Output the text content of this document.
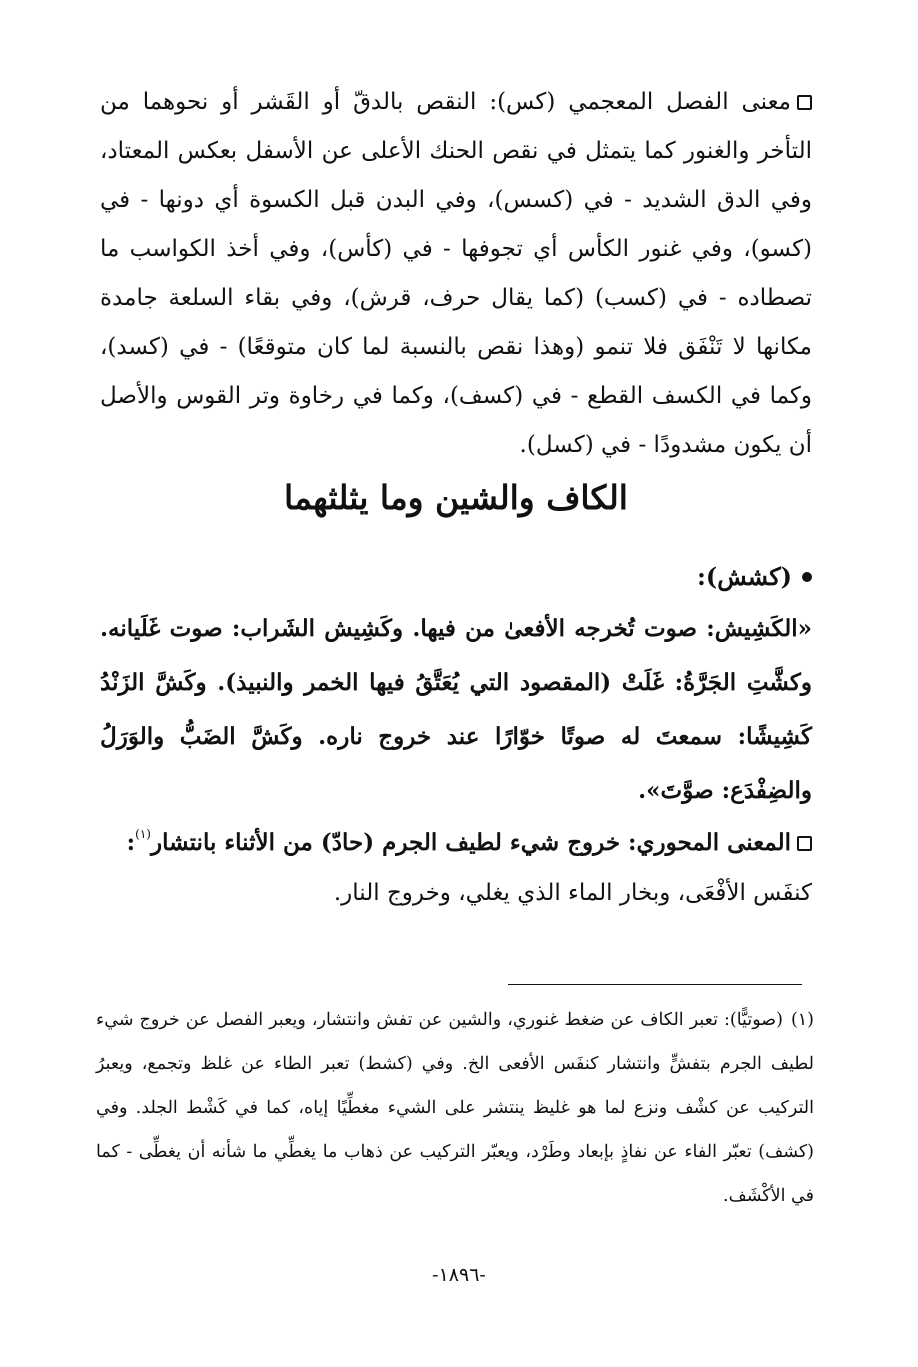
معنى الفصل المعجمي (كس): النقص بالدقّ أو القَشر أو نحوهما من التأخر والغنور كما يتمثل في نقص الحنك الأعلى عن الأسفل بعكس المعتاد، وفي الدق الشديد - في (كسس)، وفي البدن قبل الكسوة أي دونها - في (كسو)، وفي غنور الكأس أي تجوفها - في (كأس)، وفي أخذ الكواسب ما تصطاده - في (كسب) (كما يقال حرف، قرش)، وفي بقاء السلعة جامدة مكانها لا تَنْفَق فلا تنمو (وهذا نقص بالنسبة لما كان متوقعًا) - في (كسد)، وكما في الكسف القطع - في (كسف)، وكما في رخاوة وتر القوس والأصل أن يكون مشدودًا - في (كسل).

الكاف والشين وما يثلثهما

(كشش):

«الكَشِيش: صوت تُخرجه الأفعىٰ من فيها. وكَشِيش الشَراب: صوت غَلَيانه. وكشَّتِ الجَرَّةُ: غَلَتْ (المقصود التي يُعَتَّقُ فيها الخمر والنبيذ). وكَشَّ الزَنْدُ كَشِيشًا: سمعتَ له صوتًا خوّارًا عند خروج ناره. وكَشَّ الضَبُّ والوَرَلُ والضِفْدَع: صوَّتَ».

المعنى المحوري: خروج شيء لطيف الجرم (حادّ) من الأثناء بانتشار$^{(١)}$:
كنفَس الأفْعَى، وبخار الماء الذي يغلي، وخروج النار.

(١)(صوتيًّا): تعبر الكاف عن ضغط غنوري، والشين عن تفش وانتشار، ويعبر الفصل عن خروج شيء لطيف الجرم بتفشٍّ وانتشار كنفَس الأفعى الخ. وفي (كشط) تعبر الطاء عن غلظ وتجمع، ويعبرُ التركيب عن كشْف ونزع لما هو غليظ ينتشر على الشيء مغطِّيًا إياه، كما في كَشْط الجلد. وفي (كشف) تعبّر الفاء عن نفاذٍ بإبعاد وطَرْد، ويعبّر التركيب عن ذهاب ما يغطِّي ما شأنه أن يغطِّى - كما في الأكْشَف.
-١٨٩٦-
